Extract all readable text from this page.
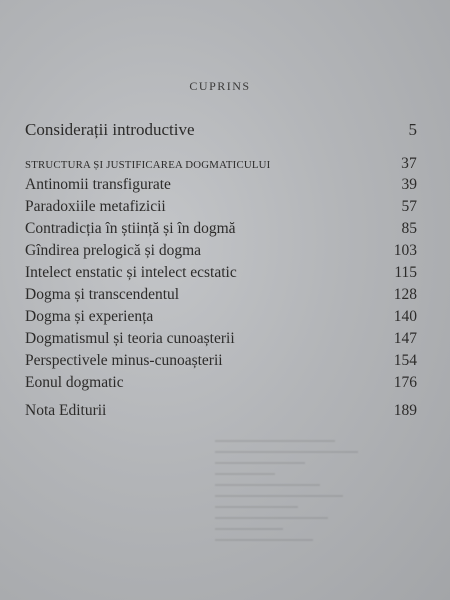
CUPRINS
Considerații introductive	5
STRUCTURA ȘI JUSTIFICAREA DOGMATICULUI	37
Antinomii transfigurate	39
Paradoxiile metafizicii	57
Contradicția în știință și în dogmă	85
Gîndirea prelogică și dogma	103
Intelect enstatic și intelect ecstatic	115
Dogma și transcendentul	128
Dogma și experiența	140
Dogmatismul și teoria cunoașterii	147
Perspectivele minus-cunoașterii	154
Eonul dogmatic	176
Nota Editurii	189
